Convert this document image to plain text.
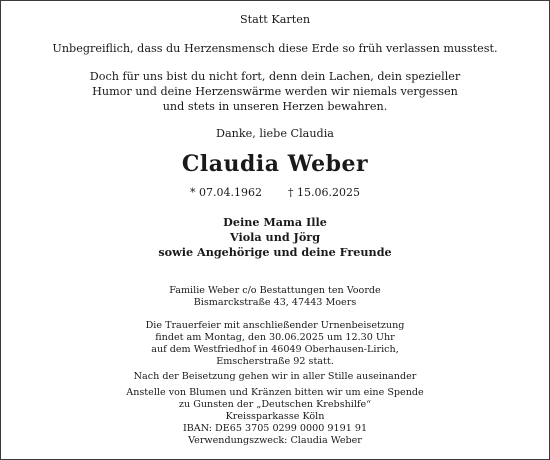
Statt Karten
Unbegreiflich, dass du Herzensmensch diese Erde so früh verlassen musstest.
Doch für uns bist du nicht fort, denn dein Lachen, dein spezieller
Humor und deine Herzenswärme werden wir niemals vergessen
und stets in unseren Herzen bewahren.
Danke, liebe Claudia
Claudia Weber
* 07.04.1962 † 15.06.2025
Deine Mama Ille
Viola und Jörg
sowie Angehörige und deine Freunde
Familie Weber c/o Bestattungen ten Voorde
Bismarckstraße 43, 47443 Moers
Die Trauerfeier mit anschließender Urnenbeisetzung
findet am Montag, den 30.06.2025 um 12.30 Uhr
auf dem Westfriedhof in 46049 Oberhausen-Lirich,
Emscherstraße 92 statt.
Nach der Beisetzung gehen wir in aller Stille auseinander
Anstelle von Blumen und Kränzen bitten wir um eine Spende
zu Gunsten der „Deutschen Krebshilfe“
Kreissparkasse Köln
IBAN: DE65 3705 0299 0000 9191 91
Verwendungszweck: Claudia Weber
